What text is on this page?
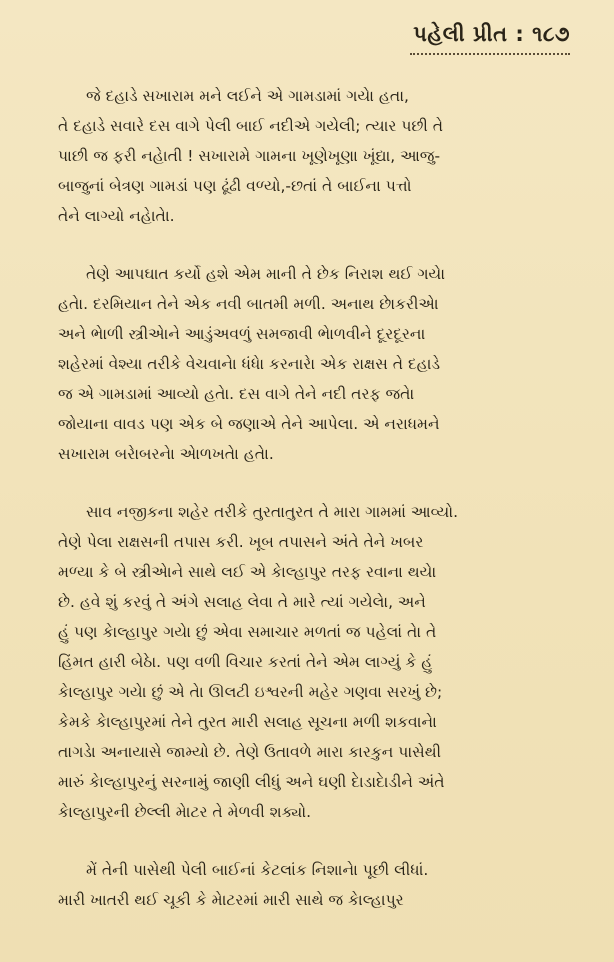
પહેલી પ્રીત : ૧૮૭

જે દહાડે સખારામ મને લઈને એ ગામડામાં ગયેા હતા,
તે દહાડે સવારે દસ વાગે પેલી બાઈ નદીએ ગયેલી; ત્યાર પછી તે
પાછી જ ફરી નહેાતી ! સખારામે ગામના ખૂણેખૂણા ખૂંદ્યા, આજુ-
બાજુનાં બેત્રણ ગામડાં પણ ઢૂંઢી વળ્યો,-છતાં તે બાઈના પત્તો
તેને લાગ્યો નહેાતેા.

તેણે આપઘાત કર્યો હશે એમ માની તે છેક નિરાશ થઈ ગયેા
હતેા. દરમિયાન તેને એક નવી બાતમી મળી. અનાથ છેાકરીએા
અને ભેાળી સ્ત્રીએાને આડુંઅવળું સમજાવી ભેાળવીને દૂરદૂરના
શહેરમાં વેશ્યા તરીકે વેચવાનેા ધંધેા કરનારેા એક રાક્ષસ તે દહાડે
જ એ ગામડામાં આવ્યો હતેા. દસ વાગે તેને નદી તરફ જતેા
જોયાના વાવડ પણ એક બે જણાએ તેને આપેલા. એ નરાધમને
સખારામ બરેાબરનેા એાળખતેા હતેા.

સાવ નજીકના શહેર તરીકે તુરતાતુરત તે મારા ગામમાં આવ્યો.
તેણે પેલા રાક્ષસની તપાસ કરી. ખૂબ તપાસને અંતે તેને ખબર
મળ્યા કે બે સ્ત્રીએાને સાથે લઈ એ કેાલ્હાપુર તરફ રવાના થયેા
છે. હવે શું કરવું તે અંગે સલાહ લેવા તે મારે ત્યાં ગયેલેા, અને
હું પણ કેાલ્હાપુર ગયેા છું એવા સમાચાર મળતાં જ પહેલાં તેા તે
હિંમત હારી બેઠેા. પણ વળી વિચાર કરતાં તેને એમ લાગ્યું કે હું
કેાલ્હાપુર ગયેા છું એ તેા ઊલટી ઇશ્વરની મહેર ગણવા સરખું છે;
કેમકે કેાલ્હાપુરમાં તેને તુરત મારી સલાહ સૂચના મળી શકવાનેા
તાગડેા અનાયાસે જામ્યો છે. તેણે ઉતાવળે મારા કારકુન પાસેથી
મારું કેાલ્હાપુરનું સરનામું જાણી લીધું અને ઘણી દેાડાદેાડીને અંતે
કેાલ્હાપુરની છેલ્લી મેાટર તે મેળવી શક્યો.

મેં તેની પાસેથી પેલી બાઈનાં કેટલાંક નિશાનેા પૂછી લીધાં.
મારી ખાતરી થઈ ચૂકી કે મેાટરમાં મારી સાથે જ કેાલ્હાપુર
